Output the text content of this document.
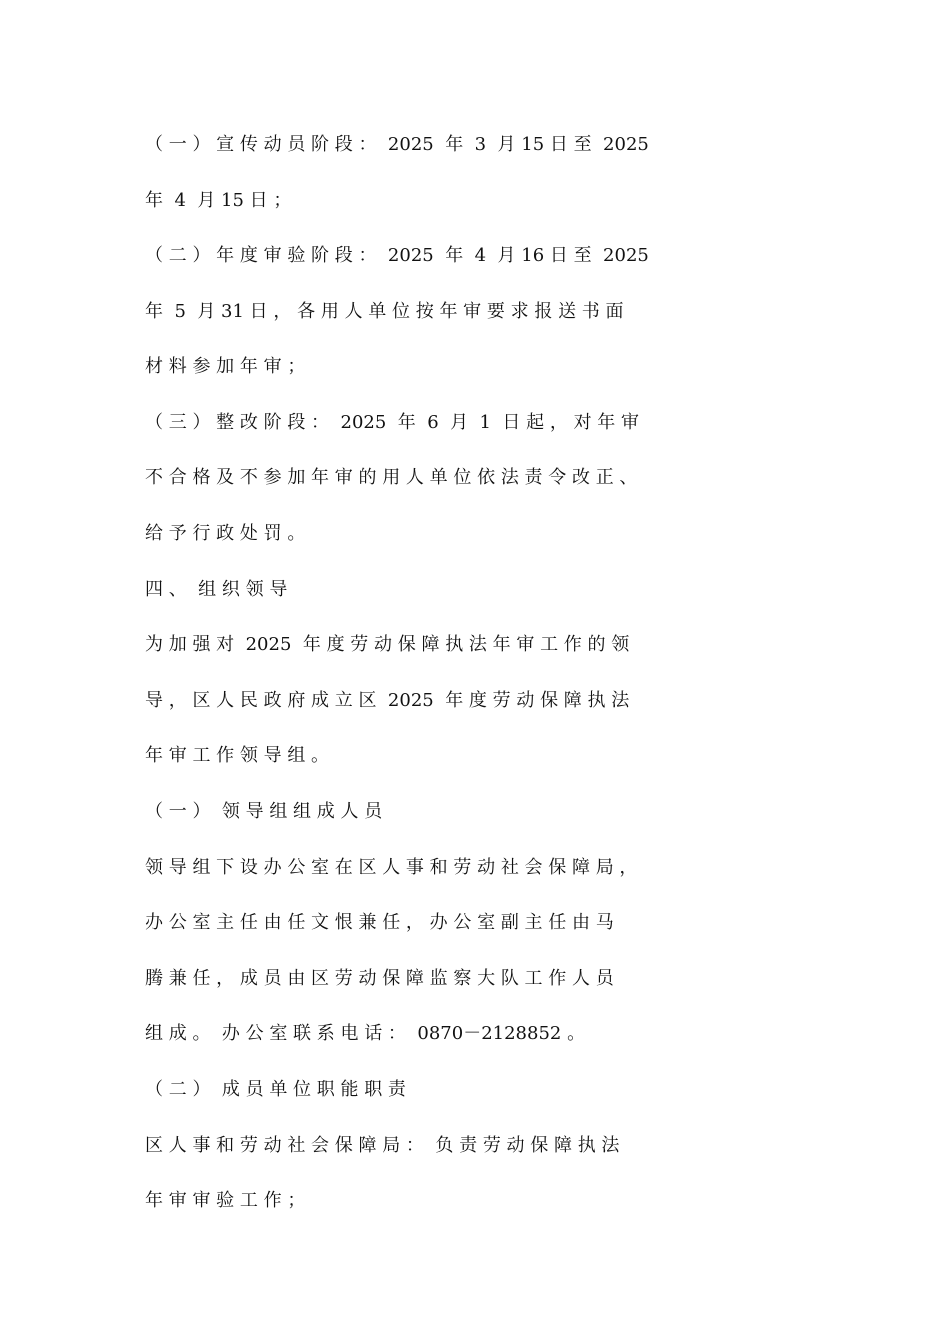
（ 一 ） 宣 传 动 员 阶 段 ：  2025  年  3  月 15 日 至  2025
年  4  月 15 日 ；
（ 二 ） 年 度 审 验 阶 段 ：  2025  年  4  月 16 日 至  2025
年  5  月 31 日 ， 各 用 人 单 位 按 年 审 要 求 报 送 书 面
材 料 参 加 年 审 ；
（ 三 ） 整 改 阶 段 ：  2025  年  6  月  1  日 起 ， 对 年 审
不 合 格 及 不 参 加 年 审 的 用 人 单 位 依 法 责 令 改 正 、
给 予 行 政 处 罚 。
四 、  组 织 领 导
为 加 强 对  2025  年 度 劳 动 保 障 执 法 年 审 工 作 的 领
导 ， 区 人 民 政 府 成 立 区  2025  年 度 劳 动 保 障 执 法
年 审 工 作 领 导 组 。
（ 一 ）  领 导 组 组 成 人 员
领 导 组 下 设 办 公 室 在 区 人 事 和 劳 动 社 会 保 障 局 ，
办 公 室 主 任 由 任 文 恨 兼 任 ， 办 公 室 副 主 任 由 马
腾 兼 任 ， 成 员 由 区 劳 动 保 障 监 察 大 队 工 作 人 员
组 成 。  办 公 室 联 系 电 话 ：  0870－2128852 。
（ 二 ）  成 员 单 位 职 能 职 责
区 人 事 和 劳 动 社 会 保 障 局 ：  负 责 劳 动 保 障 执 法
年 审 审 验 工 作 ；
